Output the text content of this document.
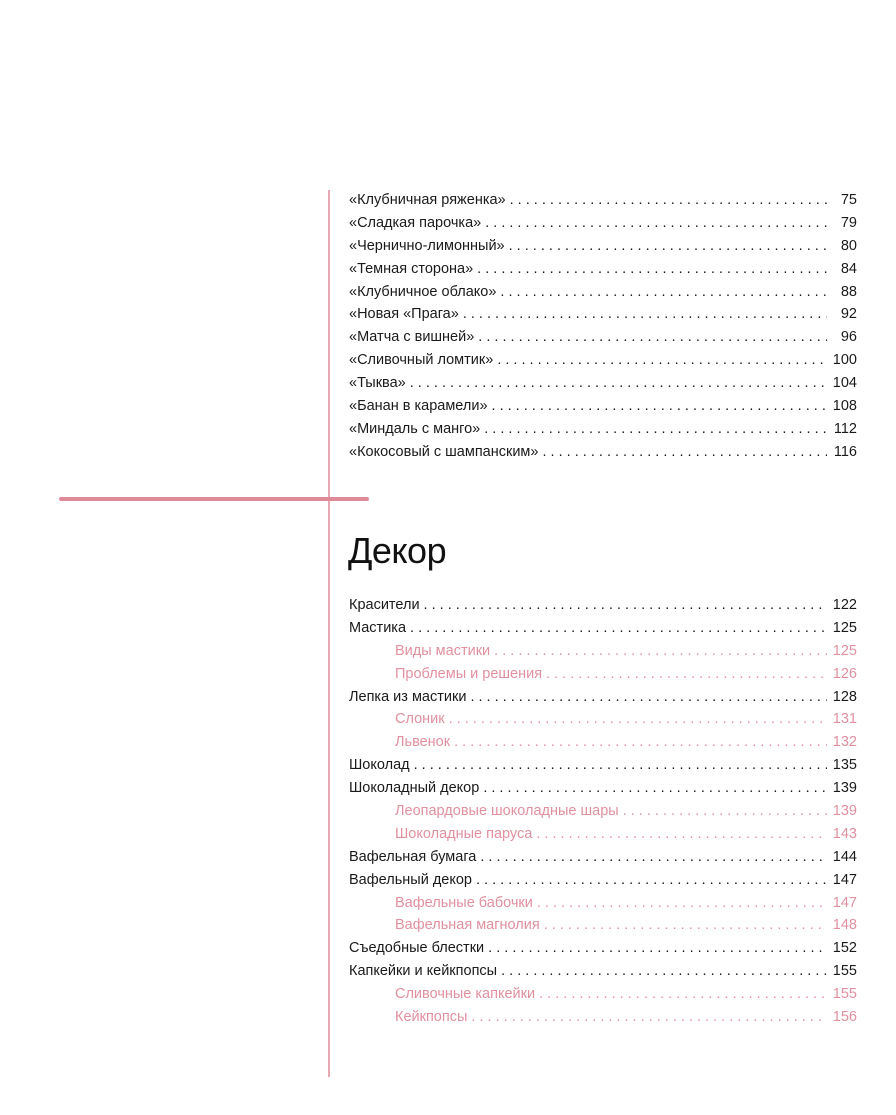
«Клубничная ряженка» . . .	75
«Сладкая парочка» . . .	79
«Чернично-лимонный» . . .	80
«Темная сторона» . . .	84
«Клубничное облако» . . .	88
«Новая «Прага» . . .	92
«Матча с вишней» . . .	96
«Сливочный ломтик» . . .	100
«Тыква» . . .	104
«Банан в карамели» . . .	108
«Миндаль с манго» . . .	112
«Кокосовый с шампанским» . . .	116
Декор
Красители . . .	122
Мастика . . .	125
Виды мастики . . .	125
Проблемы и решения . . .	126
Лепка из мастики . . .	128
Слоник . . .	131
Львенок . . .	132
Шоколад . . .	135
Шоколадный декор . . .	139
Леопардовые шоколадные шары . . .	139
Шоколадные паруса . . .	143
Вафельная бумага . . .	144
Вафельный декор . . .	147
Вафельные бабочки . . .	147
Вафельная магнолия . . .	148
Съедобные блестки . . .	152
Капкейки и кейкпопсы . . .	155
Сливочные капкейки . . .	155
Кейкпопсы . . .	156
